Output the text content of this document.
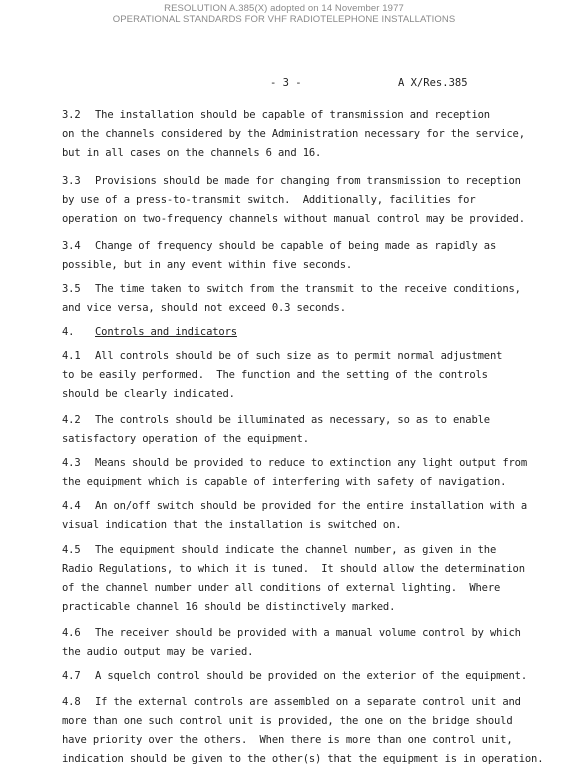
RESOLUTION A.385(X) adopted on 14 November 1977
OPERATIONAL STANDARDS FOR VHF RADIOTELEPHONE INSTALLATIONS
- 3 -	A X/Res.385
3.2 The installation should be capable of transmission and reception
on the channels considered by the Administration necessary for the service,
but in all cases on the channels 6 and 16.
3.3 Provisions should be made for changing from transmission to reception
by use of a press-to-transmit switch.  Additionally, facilities for
operation on two-frequency channels without manual control may be provided.
3.4 Change of frequency should be capable of being made as rapidly as
possible, but in any event within five seconds.
3.5 The time taken to switch from the transmit to the receive conditions,
and vice versa, should not exceed 0.3 seconds.
4. Controls and indicators
4.1 All controls should be of such size as to permit normal adjustment
to be easily performed.  The function and the setting of the controls
should be clearly indicated.
4.2 The controls should be illuminated as necessary, so as to enable
satisfactory operation of the equipment.
4.3 Means should be provided to reduce to extinction any light output from
the equipment which is capable of interfering with safety of navigation.
4.4 An on/off switch should be provided for the entire installation with a
visual indication that the installation is switched on.
4.5 The equipment should indicate the channel number, as given in the
Radio Regulations, to which it is tuned.  It should allow the determination
of the channel number under all conditions of external lighting.  Where
practicable channel 16 should be distinctively marked.
4.6 The receiver should be provided with a manual volume control by which
the audio output may be varied.
4.7 A squelch control should be provided on the exterior of the equipment.
4.8 If the external controls are assembled on a separate control unit and
more than one such control unit is provided, the one on the bridge should
have priority over the others.  When there is more than one control unit,
indication should be given to the other(s) that the equipment is in operation.
